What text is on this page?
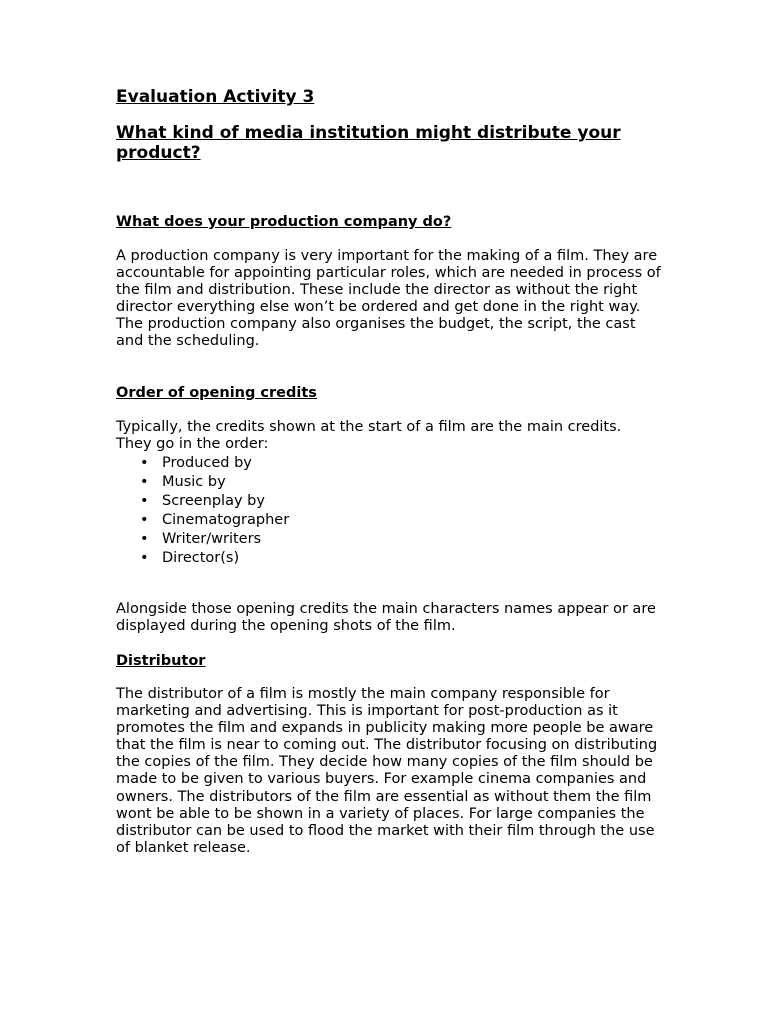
Evaluation Activity 3

What kind of media institution might distribute your product?

What does your production company do?

A production company is very important for the making of a film. They are accountable for appointing particular roles, which are needed in process of the film and distribution. These include the director as without the right director everything else won’t be ordered and get done in the right way. The production company also organises the budget, the script, the cast and the scheduling.

Order of opening credits

Typically, the credits shown at the start of a film are the main credits. They go in the order:

• Produced by
• Music by
• Screenplay by
• Cinematographer
• Writer/writers
• Director(s)

Alongside those opening credits the main characters names appear or are displayed during the opening shots of the film.

Distributor

The distributor of a film is mostly the main company responsible for marketing and advertising. This is important for post-production as it promotes the film and expands in publicity making more people be aware that the film is near to coming out. The distributor focusing on distributing the copies of the film. They decide how many copies of the film should be made to be given to various buyers. For example cinema companies and owners. The distributors of the film are essential as without them the film wont be able to be shown in a variety of places. For large companies the distributor can be used to flood the market with their film through the use of blanket release.
